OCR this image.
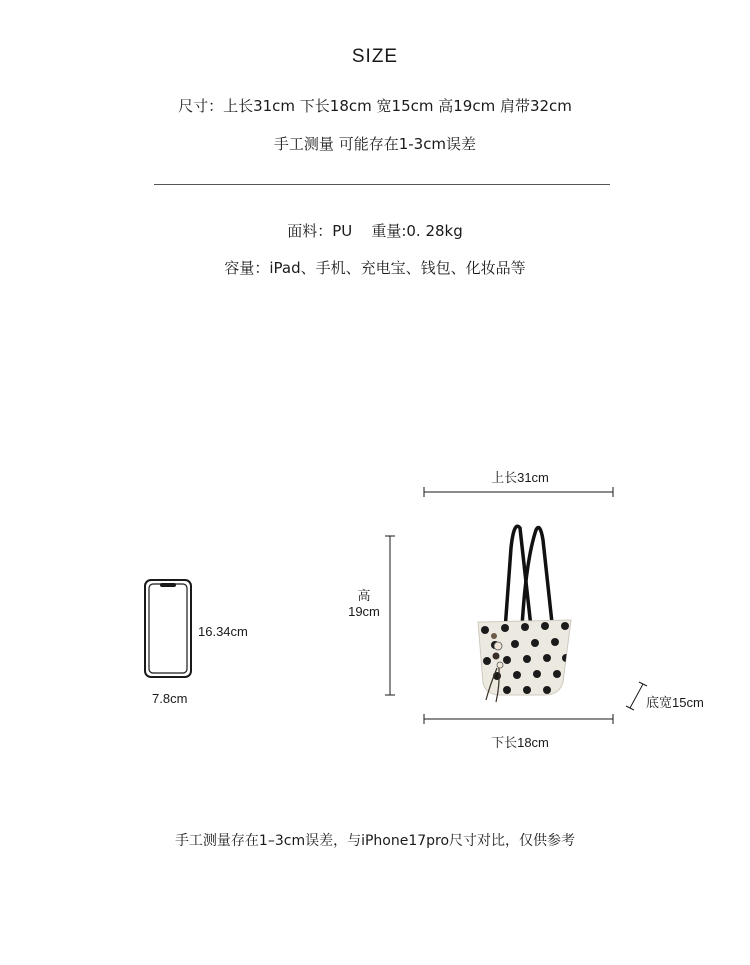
SIZE
尺寸：上长31cm 下长18cm 宽15cm 高19cm 肩带32cm
手工测量 可能存在1-3cm误差
面料：PU    重量:0. 28kg
容量：iPad、手机、充电宝、钱包、化妆品等
16.34cm
7.8cm
上长31cm
高
19cm
下长18cm
底宽15cm
手工测量存在1–3cm误差，与iPhone17pro尺寸对比，仅供参考
